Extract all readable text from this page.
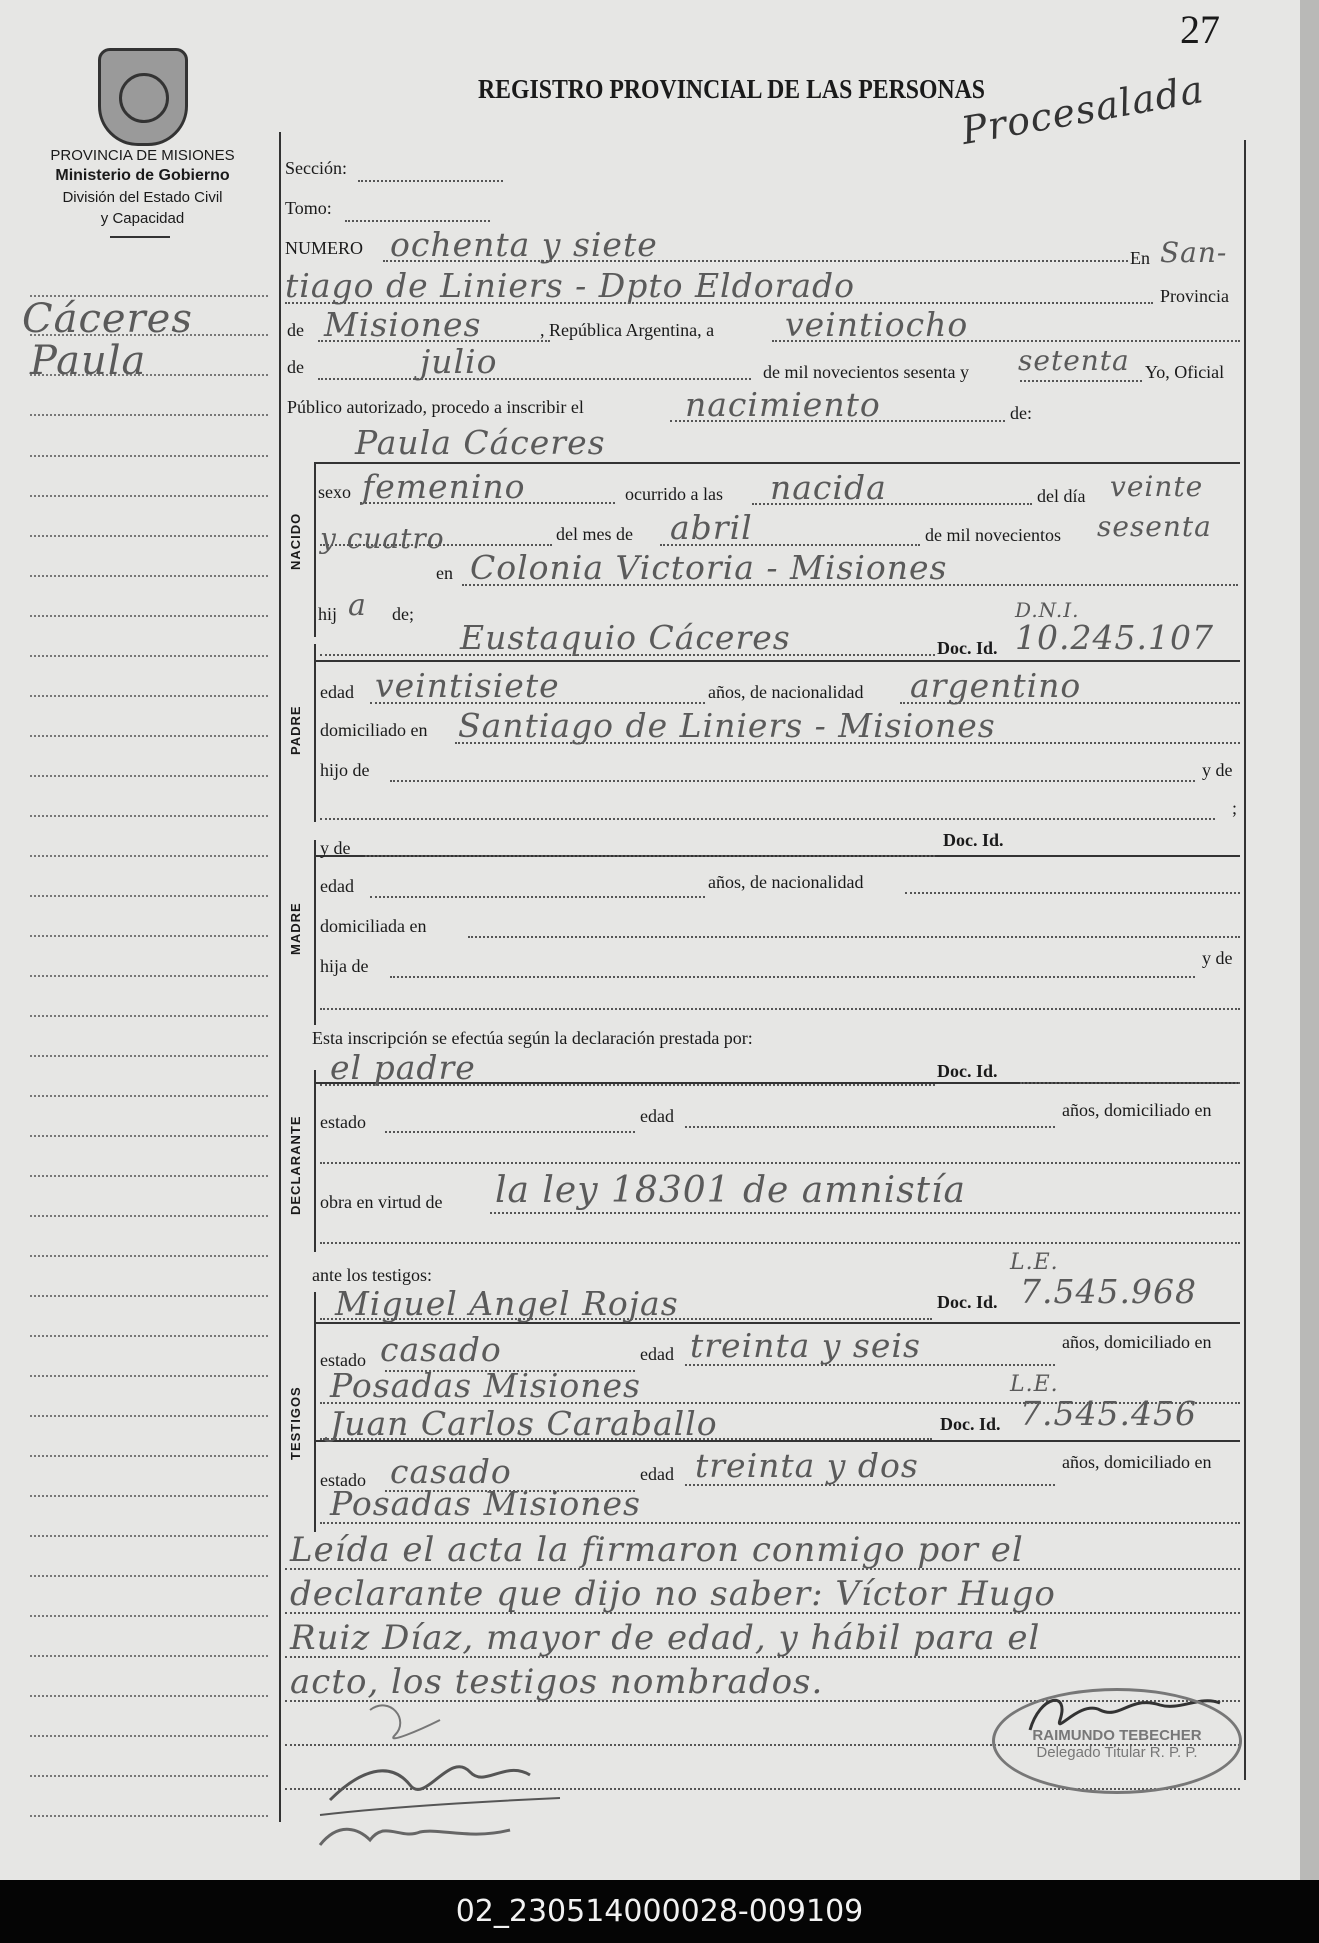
27
PROVINCIA DE MISIONES
Ministerio de Gobierno
División del Estado Civil
y Capacidad
REGISTRO PROVINCIAL DE LAS PERSONAS
Procesalada
Cáceres
Paula
Sección:
Tomo:
NUMERO ochenta y siete	En San-
tiago de Liniers - Dpto Eldorado	Provincia
de Misiones	, República Argentina, a veintiocho
de	julio	de mil novecientos sesenta y setenta Yo, Oficial
Público autorizado, procedo a inscribir el	nacimiento	de:
Paula Cáceres
NACIDO
sexo femenino	ocurrido a las nacida	del día veinte
y cuatro	del mes de abril	de mil novecientos sesenta
en Colonia Victoria - Misiones
hij a de;
PADRE
Eustaquio Cáceres	Doc. Id.
D.N.I.
10.245.107
edad veintisiete	años, de nacionalidad argentino
domiciliado en Santiago de Liniers - Misiones
hijo de	y de
;
MADRE
y de	Doc. Id.
edad	años, de nacionalidad
domiciliada en
hija de	y de
Esta inscripción se efectúa según la declaración prestada por:
DECLARANTE
el padre	Doc. Id.
estado	edad	años, domiciliado en
obra en virtud de la ley 18301 de amnistía
ante los testigos:
TESTIGOS
Miguel Angel Rojas	Doc. Id.
L.E.
7.545.968
estado casado	edad treinta y seis	años, domiciliado en
Posadas Misiones
Juan Carlos Caraballo	Doc. Id.
L.E.
7.545.456
estado casado	edad treinta y dos	años, domiciliado en
Posadas Misiones
Leída el acta la firmaron conmigo por el
declarante que dijo no saber: Víctor Hugo
Ruiz Díaz, mayor de edad, y hábil para el
acto, los testigos nombrados.
RAIMUNDO TEBECHER
Delegado Titular R. P. P.
02_230514000028-009109
